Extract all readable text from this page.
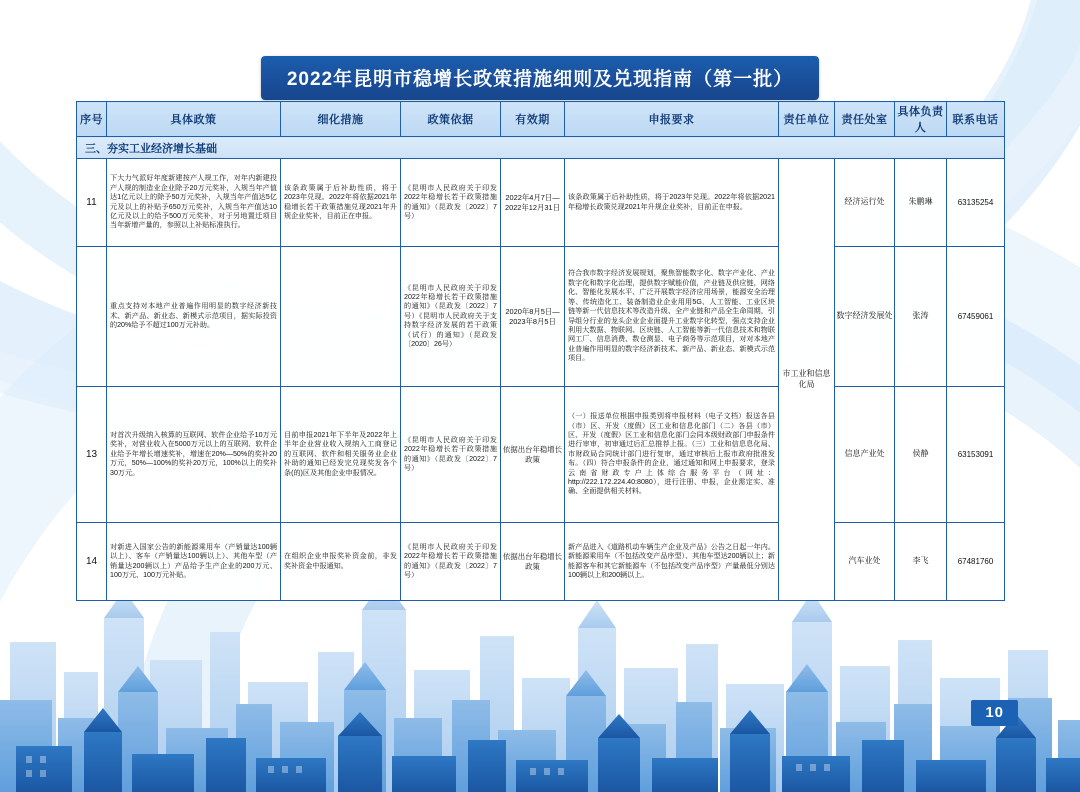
2022年昆明市稳增长政策措施细则及兑现指南（第一批）
序号	具体政策	细化措施	政策依据	有效期	申报要求	责任单位	责任处室	具体负责人	联系电话
三、夯实工业经济增长基础									
11	下大力气派好年度新建按产人规工作，对年内新建投产人规的制造业企业除予20万元奖补，入规当年产值达1亿元以上的除予50万元奖补，入规当年产值达5亿元及以上的补贴予650万元奖补，入规当年产值达10亿元及以上的给予500万元奖补，对于另地置迁项目当年新增产量的，参照以上补贴标准执行。	该条政策属于后补助性质，将于2023年兑现。2022年将依据2021年稳增长若干政策措施兑现2021年升规企业奖补，目前正在申报。	《昆明市人民政府关于印发2022年稳增长若干政策措施的通知》（昆政发〔2022〕7号）	2022年4月7日—2022年12月31日	该条政策属于后补助性质，将于2023年兑现。2022年将依据2021年稳增长政策兑现2021年升规企业奖补，目前正在申报。	市工业和信息化局	经济运行处	朱鹏琳	63135254
	重点支持对本地产业普遍作用明显的数字经济新技术、新产品、新业态、新模式示范项目，据实际投资的20%给予不超过100万元补助。		《昆明市人民政府关于印发2022年稳增长若干政策措施的通知》（昆政发〔2022〕7号）《昆明市人民政府关于支持数字经济发展的若干政策（试行）的通知》（昆政发〔2020〕26号）	2020年8月5日—2023年8月5日	符合我市数字经济发展规划，聚焦智能数字化、数字产业化、产业数字化和数字化治理，提供数字赋能价值，产业链及供应链，网络化、智能化发展水平、广泛开展数字经济应用场景，能源安全治理等、传统造化工、装备制造业企业用用5G、人工智能、工业区块链等新一代信息技术等改造升级、全产业链和产品全生命周期，引导组分行业的龙头企业企业面提升工业数字化转型，强点支持企业利用大数据、物联网、区块链、人工智能等新一代信息技术和物联网工厂、信息消费、数仓测显、电子商务等示范项目，对对本地产业普遍作用明显的数字经济新技术、新产品、新业态、新模式示范项目。		数字经济发展处	张涛	67459061
13	对首次升级纳入核算的互联网、软件企业给予10万元奖补，对营业收入在5000万元以上的互联网、软件企业给予年增长增速奖补，增速在20%—50%的奖补20万元，50%—100%的奖补20万元，100%以上的奖补30万元。	目前申报2021年下半年及2022年上半年企业营业收入规纳入工商登记的互联网、软件和相关服务业企业补助的通知已经发完兑现奖发各个条(的)区及其他企业申报情况。	《昆明市人民政府关于印发2022年稳增长若干政策措施的通知》（昆政发〔2022〕7号）	依据出台年稳增长政策	（一）报送单位根据申报类别将申报材料（电子文档）报送各县（市）区、开发（度假）区工业和信息化部门（二）各县（市）区、开发（度假）区工业和信息化部门会同本级财政部门申报条件进行审审，初审通过后汇总推荐上报。（三）工业和信息息化局、市财政局合同统计部门进行复审，通过审核后上报市政府批准发布。（四）符合申报条件的企业，通过通知和网上申报要求，登录云南省财政专户上体综合服务平台（网址：http://222.172.224.40:8080），进行注册、申报，企业需定实、准确、全面提供相关材料。		信息产业处	侯静	63153091
14	对新进入国家公告的新能源乘用车（产销量达100辆以上）、客车（产销量达100辆以上）、其他车型（产销量达200辆以上）产品给予生产企业的200万元、100万元、100万元补贴。	在组织企业申报奖补资金前，非发奖补资金中报通知。	《昆明市人民政府关于印发2022年稳增长若干政策措施的通知》（昆政发〔2022〕7号）	依据出台年稳增长政策	新产品进入《道路机动车辆生产企业及产品》公告之日起一年内。新能源乘用车（不包括改变产品序型）、其他车型达200辆以上；新能源客车和其它新能源车（不包括改变产品序型）产量最低分别达100辆以上和200辆以上。		汽车业处	李飞	67481760
10
